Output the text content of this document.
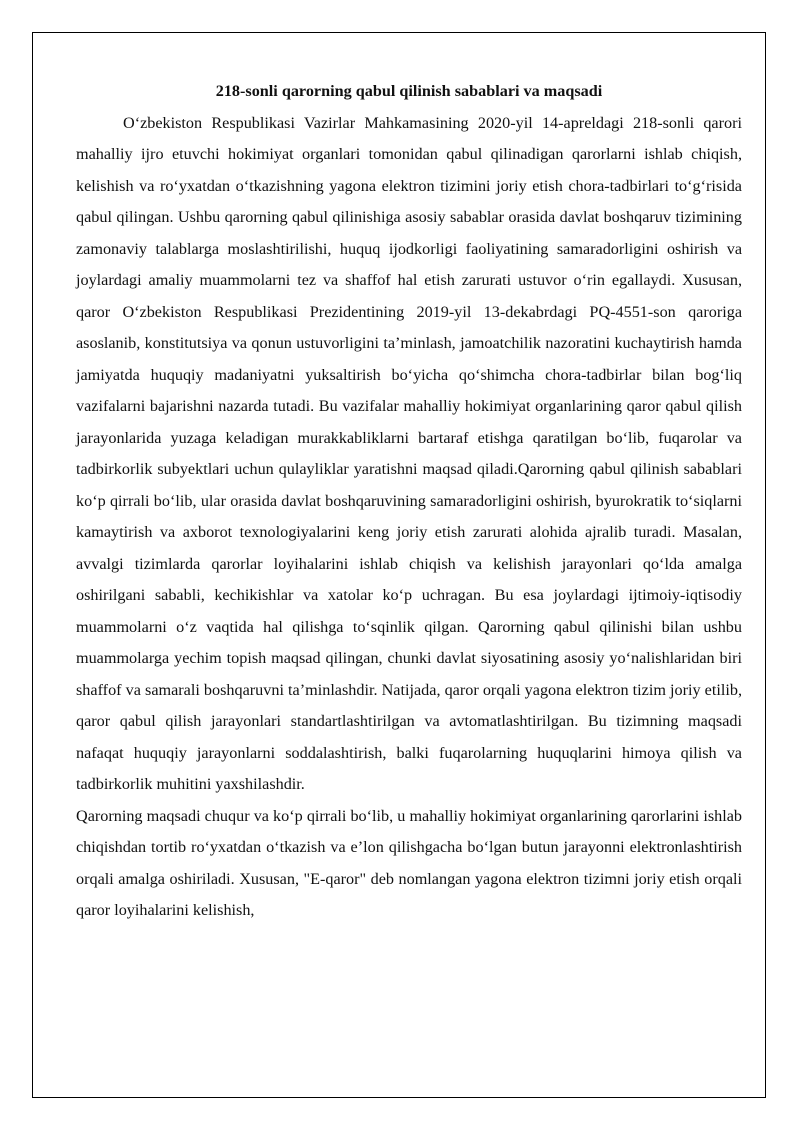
218-sonli qarorning qabul qilinish sabablari va maqsadi

O‘zbekiston Respublikasi Vazirlar Mahkamasining 2020-yil 14-apreldagi 218-sonli qarori mahalliy ijro etuvchi hokimiyat organlari tomonidan qabul qilinadigan qarorlarni ishlab chiqish, kelishish va ro‘yxatdan o‘tkazishning yagona elektron tizimini joriy etish chora-tadbirlari to‘g‘risida qabul qilingan. Ushbu qarorning qabul qilinishiga asosiy sabablar orasida davlat boshqaruv tizimining zamonaviy talablarga moslashtirilishi, huquq ijodkorligi faoliyatining samaradorligini oshirish va joylardagi amaliy muammolarni tez va shaffof hal etish zarurati ustuvor o‘rin egallaydi. Xususan, qaror O‘zbekiston Respublikasi Prezidentining 2019-yil 13-dekabrdagi PQ-4551-son qaroriga asoslanib, konstitutsiya va qonun ustuvorligini ta’minlash, jamoatchilik nazoratini kuchaytirish hamda jamiyatda huquqiy madaniyatni yuksaltirish bo‘yicha qo‘shimcha chora-tadbirlar bilan bog‘liq vazifalarni bajarishni nazarda tutadi. Bu vazifalar mahalliy hokimiyat organlarining qaror qabul qilish jarayonlarida yuzaga keladigan murakkabliklarni bartaraf etishga qaratilgan bo‘lib, fuqarolar va tadbirkorlik subyektlari uchun qulayliklar yaratishni maqsad qiladi.Qarorning qabul qilinish sabablari ko‘p qirrali bo‘lib, ular orasida davlat boshqaruvining samaradorligini oshirish, byurokratik to‘siqlarni kamaytirish va axborot texnologiyalarini keng joriy etish zarurati alohida ajralib turadi. Masalan, avvalgi tizimlarda qarorlar loyihalarini ishlab chiqish va kelishish jarayonlari qo‘lda amalga oshirilgani sababli, kechikishlar va xatolar ko‘p uchragan. Bu esa joylardagi ijtimoiy-iqtisodiy muammolarni o‘z vaqtida hal qilishga to‘sqinlik qilgan. Qarorning qabul qilinishi bilan ushbu muammolarga yechim topish maqsad qilingan, chunki davlat siyosatining asosiy yo‘nalishlaridan biri shaffof va samarali boshqaruvni ta’minlashdir. Natijada, qaror orqali yagona elektron tizim joriy etilib, qaror qabul qilish jarayonlari standartlashtirilgan va avtomatlashtirilgan. Bu tizimning maqsadi nafaqat huquqiy jarayonlarni soddalashtirish, balki fuqarolarning huquqlarini himoya qilish va tadbirkorlik muhitini yaxshilashdir.

Qarorning maqsadi chuqur va ko‘p qirrali bo‘lib, u mahalliy hokimiyat organlarining qarorlarini ishlab chiqishdan tortib ro‘yxatdan o‘tkazish va e’lon qilishgacha bo‘lgan butun jarayonni elektronlashtirish orqali amalga oshiriladi. Xususan, "E-qaror" deb nomlangan yagona elektron tizimni joriy etish orqali qaror loyihalarini kelishish,
